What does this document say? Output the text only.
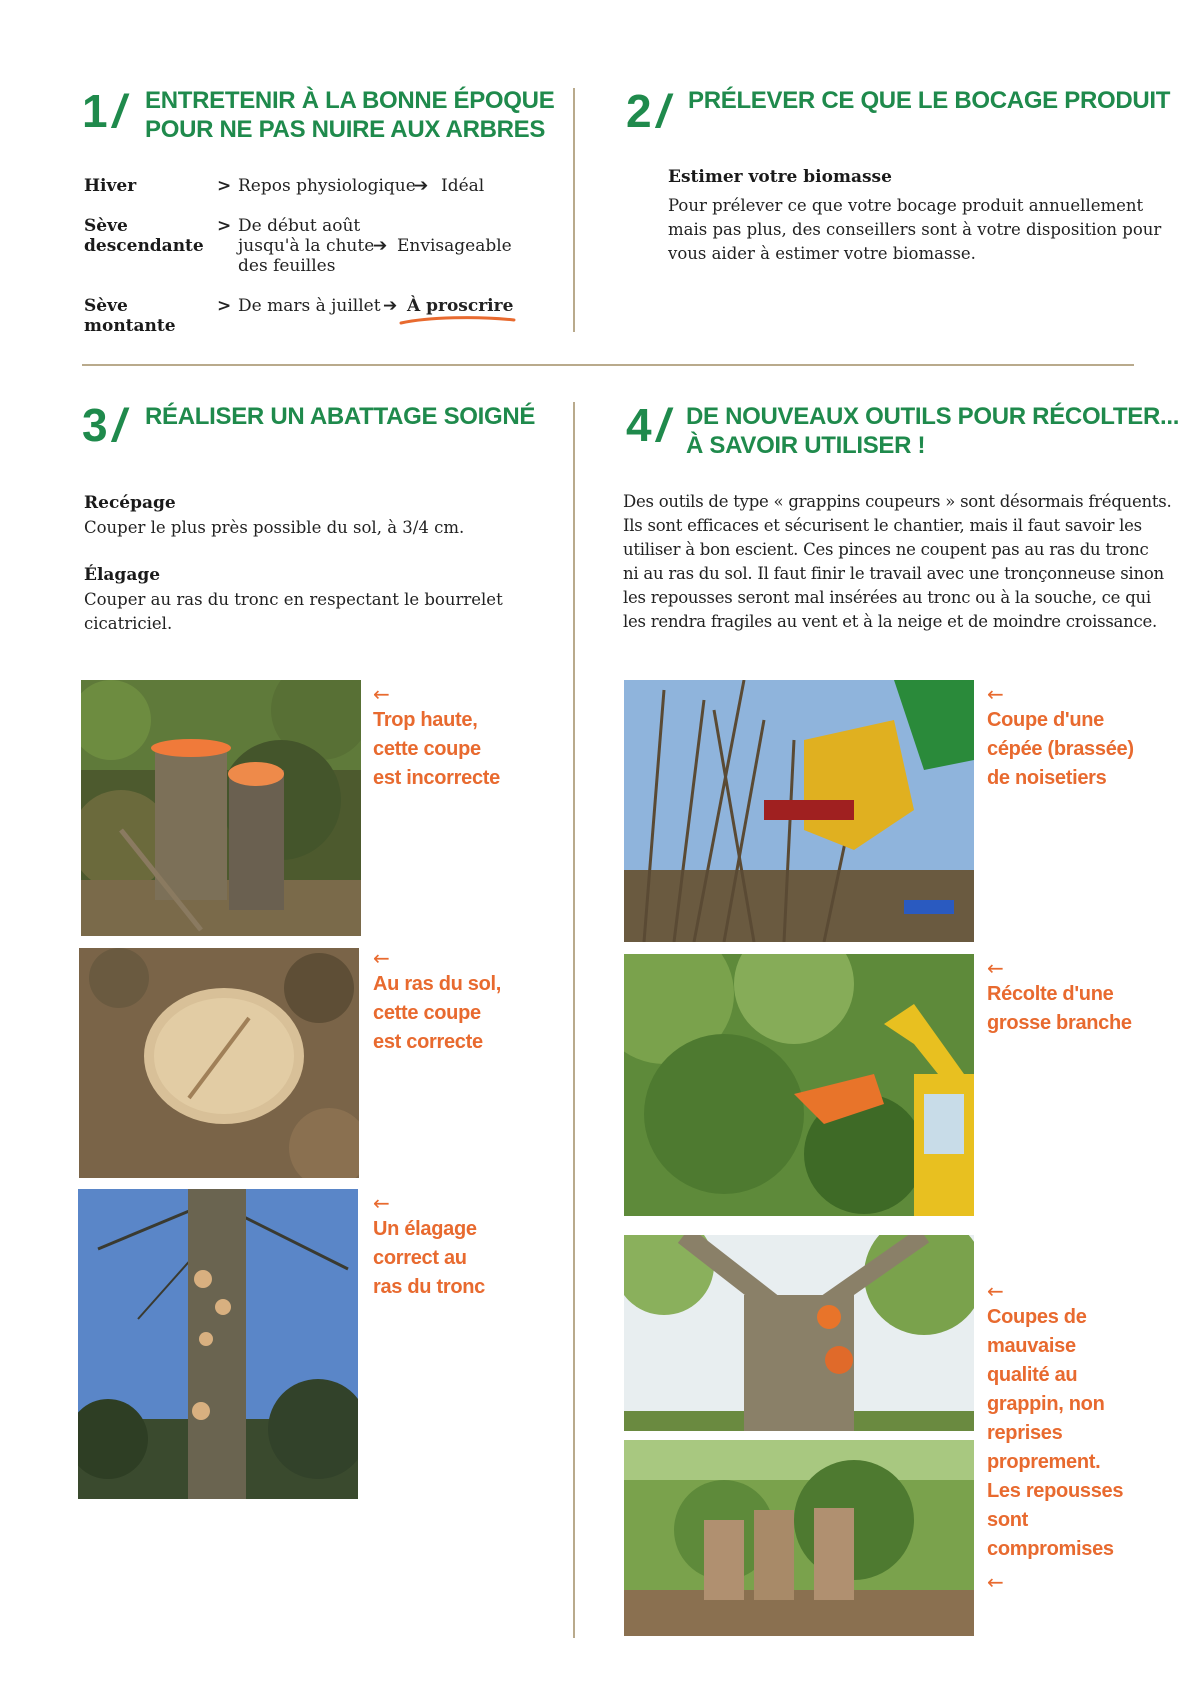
1 / ENTRETENIR À LA BONNE ÉPOQUE
POUR NE PAS NUIRE AUX ARBRES
Hiver	> Repos physiologique
➔ Idéal
Sève
descendante
> De début août
jusqu'à la chute
des feuilles
➔ Envisageable
Sève
montante
> De mars à juillet ➔ À proscrire
2 / PRÉLEVER CE QUE LE BOCAGE PRODUIT
Estimer votre biomasse
Pour prélever ce que votre bocage produit annuellement
mais pas plus, des conseillers sont à votre disposition pour
vous aider à estimer votre biomasse.
3 / RÉALISER UN ABATTAGE SOIGNÉ
Recépage
Couper le plus près possible du sol, à 3/4 cm.
Élagage
Couper au ras du tronc en respectant le bourrelet
cicatriciel.
←
Trop haute,
cette coupe
est incorrecte
←
Au ras du sol,
cette coupe
est correcte
←
Un élagage
correct au
ras du tronc
4 / DE NOUVEAUX OUTILS POUR RÉCOLTER...
À SAVOIR UTILISER !
Des outils de type « grappins coupeurs » sont désormais fréquents.
Ils sont efficaces et sécurisent le chantier, mais il faut savoir les
utiliser à bon escient. Ces pinces ne coupent pas au ras du tronc
ni au ras du sol. Il faut finir le travail avec une tronçonneuse sinon
les repousses seront mal insérées au tronc ou à la souche, ce qui
les rendra fragiles au vent et à la neige et de moindre croissance.
←
Coupe d'une
cépée (brassée)
de noisetiers
←
Récolte d'une
grosse branche
←
Coupes de
mauvaise
qualité au
grappin, non
reprises
proprement.
Les repousses
sont
compromises
←
